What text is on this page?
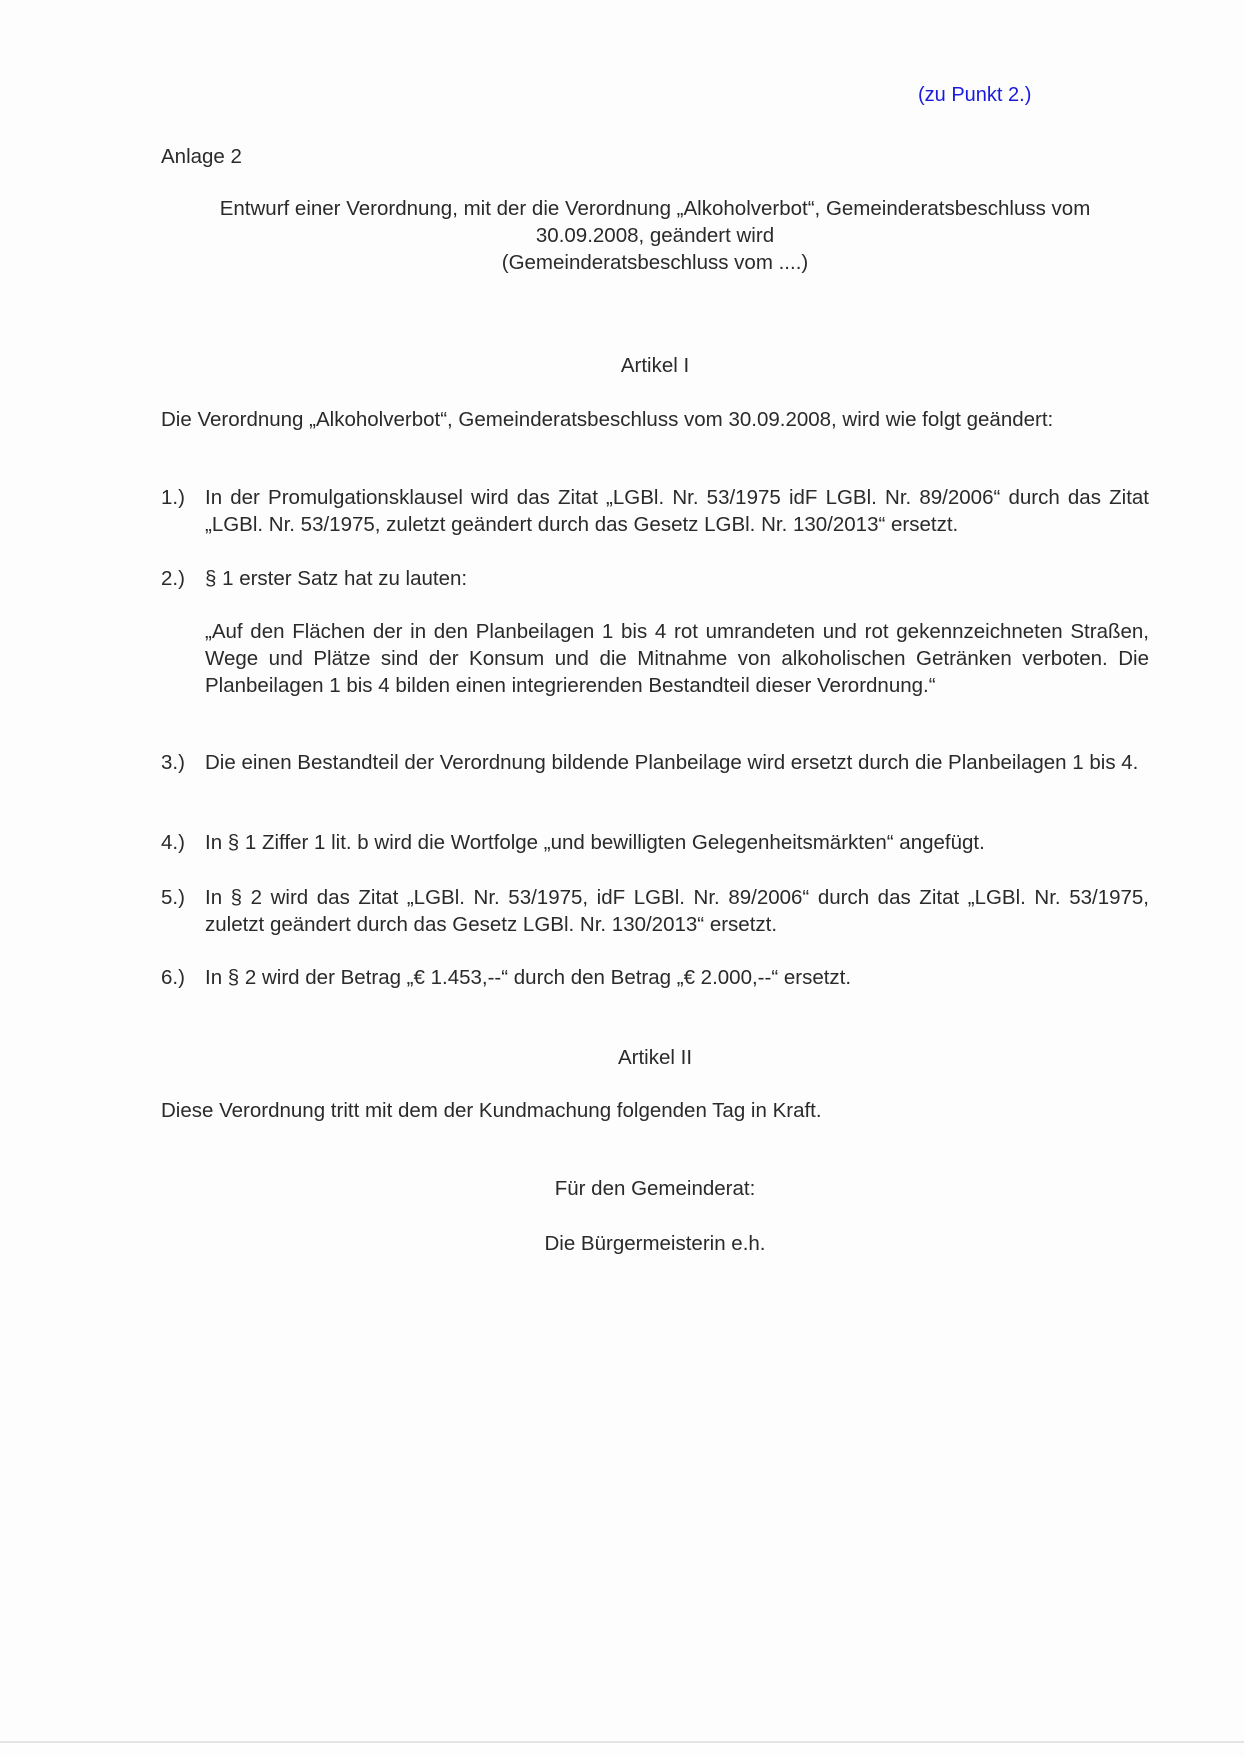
(zu Punkt 2.)
Anlage 2
Entwurf einer Verordnung, mit der die Verordnung „Alkoholverbot“, Gemeinderatsbeschluss vom
30.09.2008, geändert wird
(Gemeinderatsbeschluss vom ....)
Artikel I
Die Verordnung „Alkoholverbot“, Gemeinderatsbeschluss vom 30.09.2008, wird wie folgt geändert:
1.) In der Promulgationsklausel wird das Zitat „LGBl. Nr. 53/1975 idF LGBl. Nr. 89/2006“ durch das Zitat „LGBl. Nr. 53/1975, zuletzt geändert durch das Gesetz LGBl. Nr. 130/2013“ ersetzt.
2.) § 1 erster Satz hat zu lauten:
„Auf den Flächen der in den Planbeilagen 1 bis 4 rot umrandeten und rot gekennzeichneten Straßen, Wege und Plätze sind der Konsum und die Mitnahme von alkoholischen Getränken verboten. Die Planbeilagen 1 bis 4 bilden einen integrierenden Bestandteil dieser Verordnung.“
3.) Die einen Bestandteil der Verordnung bildende Planbeilage wird ersetzt durch die Planbeilagen 1 bis 4.
4.) In § 1 Ziffer 1 lit. b wird die Wortfolge „und bewilligten Gelegenheitsmärkten“ angefügt.
5.) In § 2 wird das Zitat „LGBl. Nr. 53/1975, idF LGBl. Nr. 89/2006“ durch das Zitat „LGBl. Nr. 53/1975, zuletzt geändert durch das Gesetz LGBl. Nr. 130/2013“ ersetzt.
6.) In § 2 wird der Betrag „€ 1.453,--“ durch den Betrag „€ 2.000,--“ ersetzt.
Artikel II
Diese Verordnung tritt mit dem der Kundmachung folgenden Tag in Kraft.
Für den Gemeinderat:
Die Bürgermeisterin e.h.
